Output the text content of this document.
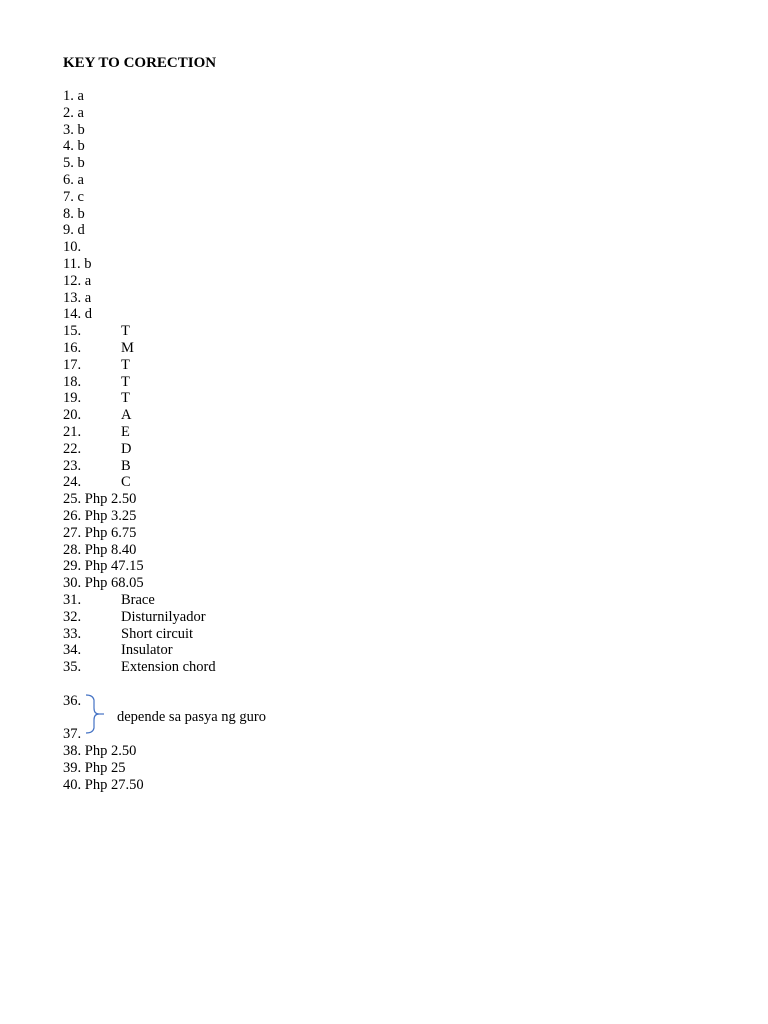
KEY TO CORECTION
1. a
2. a
3. b
4. b
5. b
6. a
7. c
8. b
9. d
10.
11. b
12. a
13. a
14. d
15.	T
16.	M
17.	T
18.	T
19.	T
20.	A
21.	E
22.	D
23.	B
24.	C
25. Php 2.50
26. Php 3.25
27. Php 6.75
28. Php 8.40
29. Php 47.15
30. Php 68.05
31.	Brace
32.	Disturnilyador
33.	Short circuit
34.	Insulator
35.	Extension chord
36.
37.
depende sa pasya ng guro
38. Php 2.50
39. Php 25
40. Php 27.50
